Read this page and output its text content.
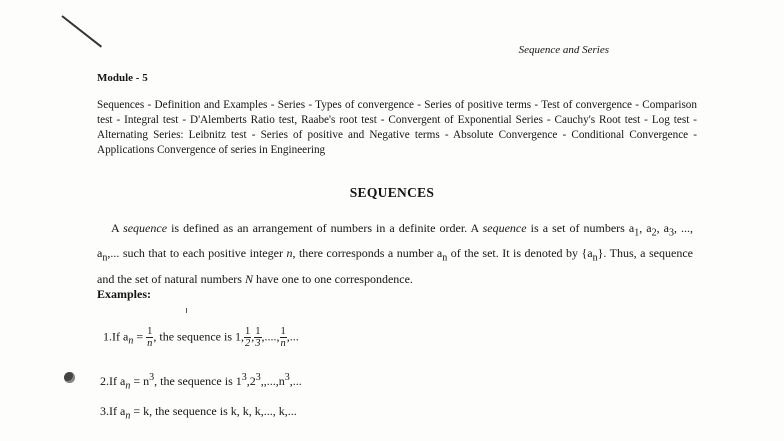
Sequence and Series
Module - 5
Sequences - Definition and Examples - Series - Types of convergence - Series of positive terms - Test of convergence - Comparison test - Integral test - D'Alemberts Ratio test, Raabe's root test - Convergent of Exponential Series - Cauchy's Root test - Log test - Alternating Series: Leibnitz test - Series of positive and Negative terms - Absolute Convergence - Conditional Convergence - Applications Convergence of series in Engineering
SEQUENCES
A sequence is defined as an arrangement of numbers in a definite order. A sequence is a set of numbers $a_1$, $a_2$, $a_3$, ..., $a_n$,... such that to each positive integer n, there corresponds a number $a_n$ of the set. It is denoted by $\{a_n\}$. Thus, a sequence and the set of natural numbers N have one to one correspondence.
Examples:
1.If $a_n = \frac{1}{n}$ , the sequence is 1, $\frac{1}{2}$ , $\frac{1}{3}$ ,...., $\frac{1}{n}$ ,...
2.If $a_n = n^3$, the sequence is $1^3,2^3,,...,n^3$,...
3.If $a_n = k$, the sequence is k, k, k,..., k,...
